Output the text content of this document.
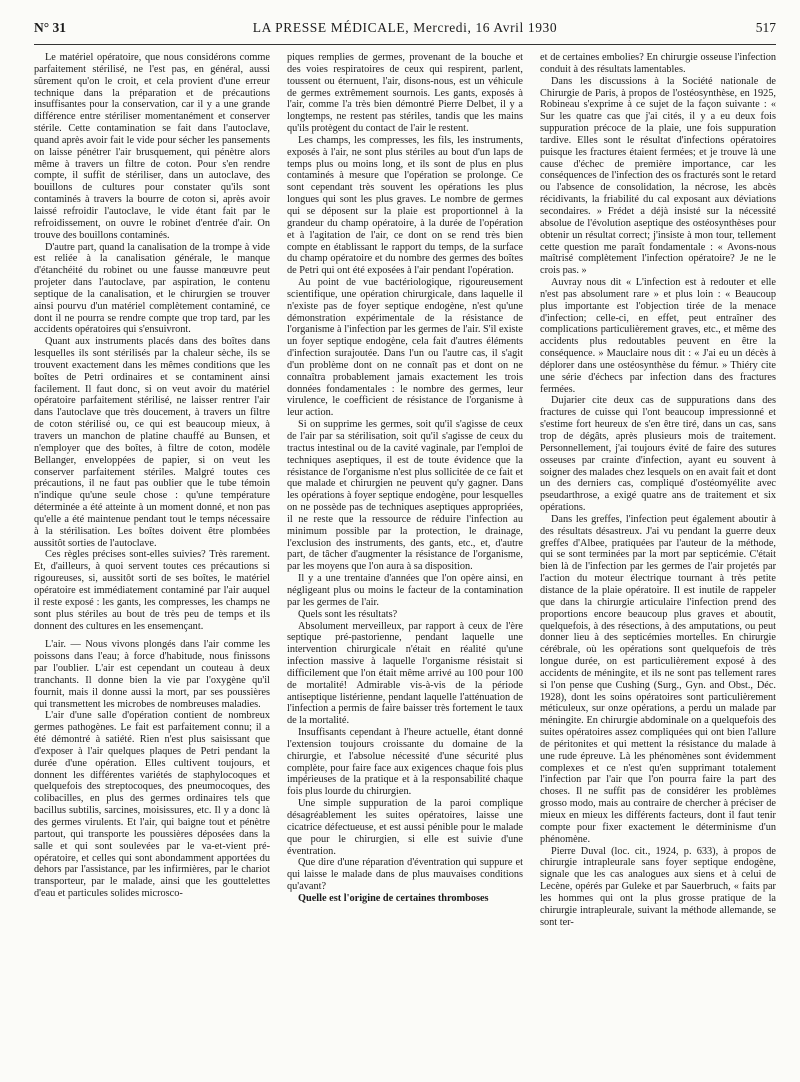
N° 31	LA PRESSE MÉDICALE, Mercredi, 16 Avril 1930	517

Le matériel opératoire, que nous considérons comme parfaitement stérilisé, ne l'est pas, en général, aussi sûrement qu'on le croit, et cela provient d'une erreur technique dans la préparation et de précautions insuffisantes pour la conservation, car il y a une grande différence entre stériliser momentanément et conserver stérile. Cette contamination se fait dans l'autoclave, quand après avoir fait le vide pour sécher les pansements on laisse pénétrer l'air brusquement, qui pénètre alors même à travers un filtre de coton. Pour s'en rendre compte, il suffit de stériliser, dans un autoclave, des bouillons de cultures pour constater qu'ils sont contaminés à travers la bourre de coton si, après avoir laissé refroidir l'autoclave, le vide étant fait par le refroidissement, on ouvre le robinet d'entrée d'air. On trouve des bouillons contaminés.

D'autre part, quand la canalisation de la trompe à vide est reliée à la canalisation générale, le manque d'étanchéité du robinet ou une fausse manœuvre peut projeter dans l'autoclave, par aspiration, le contenu septique de la canalisation, et le chirurgien se trouver ainsi pourvu d'un matériel complètement contaminé, ce dont il ne pourra se rendre compte que trop tard, par les accidents opératoires qui s'ensuivront.

Quant aux instruments placés dans des boîtes dans lesquelles ils sont stérilisés par la chaleur sèche, ils se trouvent exactement dans les mêmes conditions que les boîtes de Petri ordinaires et se contaminent ainsi facilement. Il faut donc, si on veut avoir du matériel opératoire parfaitement stérilisé, ne laisser rentrer l'air dans l'autoclave que très doucement, à travers un filtre de coton stérilisé ou, ce qui est beaucoup mieux, à travers un manchon de platine chauffé au Bunsen, et n'employer que des boîtes, à filtre de coton, modèle Bellanger, enveloppées de papier, si on veut les conserver parfaitement stériles. Malgré toutes ces précautions, il ne faut pas oublier que le tube témoin n'indique qu'une seule chose : qu'une température déterminée a été atteinte à un moment donné, et non pas qu'elle a été maintenue pendant tout le temps nécessaire à la stérilisation. Les boîtes doivent être plombées aussitôt sorties de l'autoclave.

Ces règles précises sont-elles suivies? Très rarement. Et, d'ailleurs, à quoi servent toutes ces précautions si rigoureuses, si, aussitôt sorti de ses boîtes, le matériel opératoire est immédiatement contaminé par l'air auquel il reste exposé : les gants, les compresses, les champs ne sont plus stériles au bout de très peu de temps et ils donnent des cultures en les ensemençant.

L'air. — Nous vivons plongés dans l'air comme les poissons dans l'eau; à force d'habitude, nous finissons par l'oublier. L'air est cependant un couteau à deux tranchants. Il donne bien la vie par l'oxygène qu'il fournit, mais il donne aussi la mort, par ses poussières qui transmettent les microbes de nombreuses maladies.

L'air d'une salle d'opération contient de nombreux germes pathogènes. Le fait est parfaitement connu; il a été démontré à satiété. Rien n'est plus saisissant que d'exposer à l'air quelques plaques de Petri pendant la durée d'une opération. Elles cultivent toujours, et donnent les différentes variétés de staphylocoques et quelquefois des streptocoques, des pneumocoques, des colibacilles, en plus des germes ordinaires tels que bacillus subtilis, sarcines, moisissures, etc. Il y a donc là des germes virulents. Et l'air, qui baigne tout et pénètre partout, qui transporte les poussières déposées dans la salle et qui sont soulevées par le va-et-vient pré-opératoire, et celles qui sont abondamment apportées du dehors par l'assistance, par les infirmières, par le chariot transporteur, par le malade, ainsi que les gouttelettes d'eau et particules solides microsco-

piques remplies de germes, provenant de la bouche et des voies respiratoires de ceux qui respirent, parlent, toussent ou éternuent, l'air, disons-nous, est un véhicule de germes extrêmement sournois. Les gants, exposés à l'air, comme l'a très bien démontré Pierre Delbet, il y a longtemps, ne restent pas stériles, tandis que les mains qu'ils protègent du contact de l'air le restent.

Les champs, les compresses, les fils, les instruments, exposés à l'air, ne sont plus stériles au bout d'un laps de temps plus ou moins long, et ils sont de plus en plus contaminés à mesure que l'opération se prolonge. Ce sont cependant très souvent les opérations les plus longues qui sont les plus graves. Le nombre de germes qui se déposent sur la plaie est proportionnel à la grandeur du champ opératoire, à la durée de l'opération et à l'agitation de l'air, ce dont on se rend très bien compte en établissant le rapport du temps, de la surface du champ opératoire et du nombre des germes des boîtes de Petri qui ont été exposées à l'air pendant l'opération.

Au point de vue bactériologique, rigoureusement scientifique, une opération chirurgicale, dans laquelle il n'existe pas de foyer septique endogène, n'est qu'une démonstration expérimentale de la résistance de l'organisme à l'infection par les germes de l'air. S'il existe un foyer septique endogène, cela fait d'autres éléments d'infection surajoutée. Dans l'un ou l'autre cas, il s'agit d'un problème dont on ne connaît pas et dont on ne connaîtra probablement jamais exactement les trois données fondamentales : le nombre des germes, leur virulence, le coefficient de résistance de l'organisme à leur action.

Si on supprime les germes, soit qu'il s'agisse de ceux de l'air par sa stérilisation, soit qu'il s'agisse de ceux du tractus intestinal ou de la cavité vaginale, par l'emploi de techniques aseptiques, il est de toute évidence que la résistance de l'organisme n'est plus sollicitée de ce fait et que malade et chirurgien ne peuvent qu'y gagner. Dans les opérations à foyer septique endogène, pour lesquelles on ne possède pas de techniques aseptiques appropriées, il ne reste que la ressource de réduire l'infection au minimum possible par la protection, le drainage, l'exclusion des instruments, des gants, etc., et, d'autre part, de tâcher d'augmenter la résistance de l'organisme, par les moyens que l'on aura à sa disposition.

Il y a une trentaine d'années que l'on opère ainsi, en négligeant plus ou moins le facteur de la contamination par les germes de l'air.

Quels sont les résultats?

Absolument merveilleux, par rapport à ceux de l'ère septique pré-pastorienne, pendant laquelle une intervention chirurgicale n'était en réalité qu'une infection massive à laquelle l'organisme résistait si difficilement que l'on était même arrivé au 100 pour 100 de mortalité! Admirable vis-à-vis de la période antiseptique listérienne, pendant laquelle l'atténuation de l'infection a permis de faire baisser très fortement le taux de la mortalité.

Insuffisants cependant à l'heure actuelle, étant donné l'extension toujours croissante du domaine de la chirurgie, et l'absolue nécessité d'une sécurité plus complète, pour faire face aux exigences chaque fois plus impérieuses de la pratique et à la responsabilité chaque fois plus lourde du chirurgien.

Une simple suppuration de la paroi complique désagréablement les suites opératoires, laisse une cicatrice défectueuse, et est aussi pénible pour le malade que pour le chirurgien, si elle est suivie d'une éventration.

Que dire d'une réparation d'éventration qui suppure et qui laisse le malade dans de plus mauvaises conditions qu'avant?

Quelle est l'origine de certaines thromboses

et de certaines embolies? En chirurgie osseuse l'infection conduit à des résultats lamentables.

Dans les discussions à la Société nationale de Chirurgie de Paris, à propos de l'ostéosynthèse, en 1925, Robineau s'exprime à ce sujet de la façon suivante : « Sur les quatre cas que j'ai cités, il y a eu deux fois suppuration précoce de la plaie, une fois suppuration tardive. Elles sont le résultat d'infections opératoires puisque les fractures étaient fermées; et je trouve là une cause d'échec de première importance, car les conséquences de l'infection des os fracturés sont le retard ou l'absence de consolidation, la nécrose, les abcès récidivants, la friabilité du cal exposant aux déviations secondaires. » Frédet a déjà insisté sur la nécessité absolue de l'évolution aseptique des ostéosynthèses pour obtenir un résultat correct; j'insiste à mon tour, tellement cette question me paraît fondamentale : « Avons-nous maîtrisé complètement l'infection opératoire? Je ne le crois pas. »

Auvray nous dit « L'infection est à redouter et elle n'est pas absolument rare » et plus loin : « Beaucoup plus importante est l'objection tirée de la menace d'infection; celle-ci, en effet, peut entraîner des complications particulièrement graves, etc., et même des accidents plus redoutables peuvent en être la conséquence. » Mauclaire nous dit : « J'ai eu un décès à déplorer dans une ostéosynthèse du fémur. » Thiéry cite une série d'échecs par infection dans des fractures fermées.

Dujarier cite deux cas de suppurations dans des fractures de cuisse qui l'ont beaucoup impressionné et s'estime fort heureux de s'en être tiré, dans un cas, sans trop de dégâts, après plusieurs mois de traitement. Personnellement, j'ai toujours évité de faire des sutures osseuses par crainte d'infection, ayant eu souvent à soigner des malades chez lesquels on en avait fait et dont un des derniers cas, compliqué d'ostéomyélite avec pseudarthrose, a exigé quatre ans de traitement et six opérations.

Dans les greffes, l'infection peut également aboutir à des résultats désastreux. J'ai vu pendant la guerre deux greffes d'Albee, pratiquées par l'auteur de la méthode, qui se sont terminées par la mort par septicémie. C'était bien là de l'infection par les germes de l'air projetés par l'action du moteur électrique tournant à très petite distance de la plaie opératoire. Il est inutile de rappeler que dans la chirurgie articulaire l'infection prend des proportions encore beaucoup plus graves et aboutit, quelquefois, à des résections, à des amputations, ou peut donner lieu à des septicémies mortelles. En chirurgie cérébrale, où les opérations sont quelquefois de très longue durée, on est particulièrement exposé à des accidents de méningite, et ils ne sont pas tellement rares si l'on pense que Cushing (Surg., Gyn. and Obst., Déc. 1928), dont les soins opératoires sont particulièrement méticuleux, sur onze opérations, a perdu un malade par méningite. En chirurgie abdominale on a quelquefois des suites opératoires assez compliquées qui ont bien l'allure de péritonites et qui mettent la résistance du malade à une rude épreuve. Là les phénomènes sont évidemment complexes et ce n'est qu'en supprimant totalement l'infection par l'air que l'on pourra faire la part des choses. Il ne suffit pas de considérer les problèmes grosso modo, mais au contraire de chercher à préciser de mieux en mieux les différents facteurs, dont il faut tenir compte pour fixer exactement le déterminisme d'un phénomène.

Pierre Duval (loc. cit., 1924, p. 633), à propos de chirurgie intrapleurale sans foyer septique endogène, signale que les cas analogues aux siens et à celui de Lecène, opérés par Guleke et par Sauerbruch, « faits par les hommes qui ont la plus grosse pratique de la chirurgie intrapleurale, suivant la méthode allemande, se sont ter-
